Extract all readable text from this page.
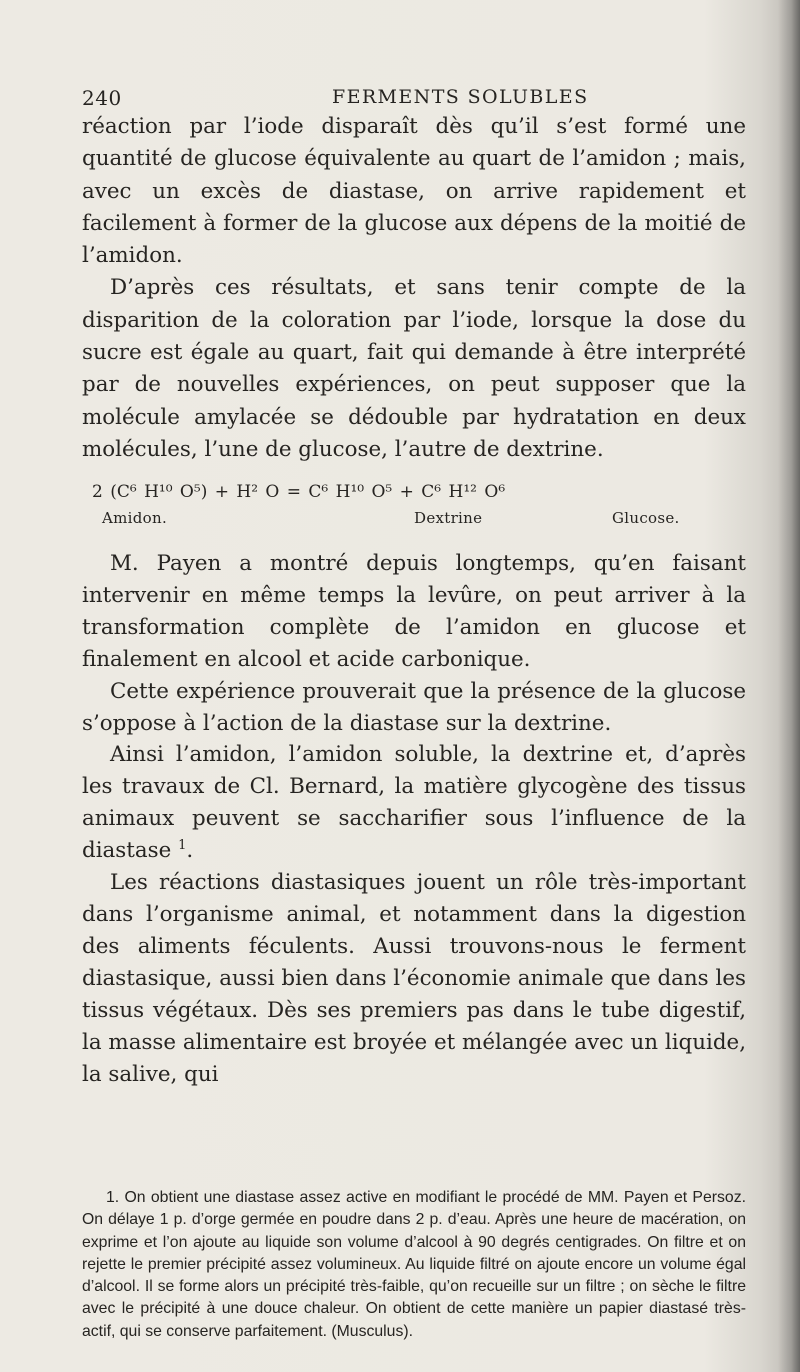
240	FERMENTS SOLUBLES

réaction par l’iode disparaît dès qu’il s’est formé une quantité de glucose équivalente au quart de l’amidon ; mais, avec un excès de diastase, on arrive rapidement et facilement à former de la glucose aux dépens de la moitié de l’amidon.

D’après ces résultats, et sans tenir compte de la disparition de la coloration par l’iode, lorsque la dose du sucre est égale au quart, fait qui demande à être interprété par de nouvelles expériences, on peut supposer que la molécule amylacée se dédouble par hydratation en deux molécules, l’une de glucose, l’autre de dextrine.

2 (C⁶ H¹⁰ O⁵) + H² O = C⁶ H¹⁰ O⁵ + C⁶ H¹² O⁶
Amidon.	Dextrine	Glucose.

M. Payen a montré depuis longtemps, qu’en faisant intervenir en même temps la levûre, on peut arriver à la transformation complète de l’amidon en glucose et finalement en alcool et acide carbonique.

Cette expérience prouverait que la présence de la glucose s’oppose à l’action de la diastase sur la dextrine.

Ainsi l’amidon, l’amidon soluble, la dextrine et, d’après les travaux de Cl. Bernard, la matière glycogène des tissus animaux peuvent se saccharifier sous l’influence de la diastase $^1$.

Les réactions diastasiques jouent un rôle très-important dans l’organisme animal, et notamment dans la digestion des aliments féculents. Aussi trouvons-nous le ferment diastasique, aussi bien dans l’économie animale que dans les tissus végétaux. Dès ses premiers pas dans le tube digestif, la masse alimentaire est broyée et mélangée avec un liquide, la salive, qui

1. On obtient une diastase assez active en modifiant le procédé de MM. Payen et Persoz. On délaye 1 p. d’orge germée en poudre dans 2 p. d’eau. Après une heure de macération, on exprime et l’on ajoute au liquide son volume d’alcool à 90 degrés centigrades. On filtre et on rejette le premier précipité assez volumineux. Au liquide filtré on ajoute encore un volume égal d’alcool. Il se forme alors un précipité très-faible, qu’on recueille sur un filtre ; on sèche le filtre avec le précipité à une douce chaleur. On obtient de cette manière un papier diastasé très-actif, qui se conserve parfaitement. (Musculus).
